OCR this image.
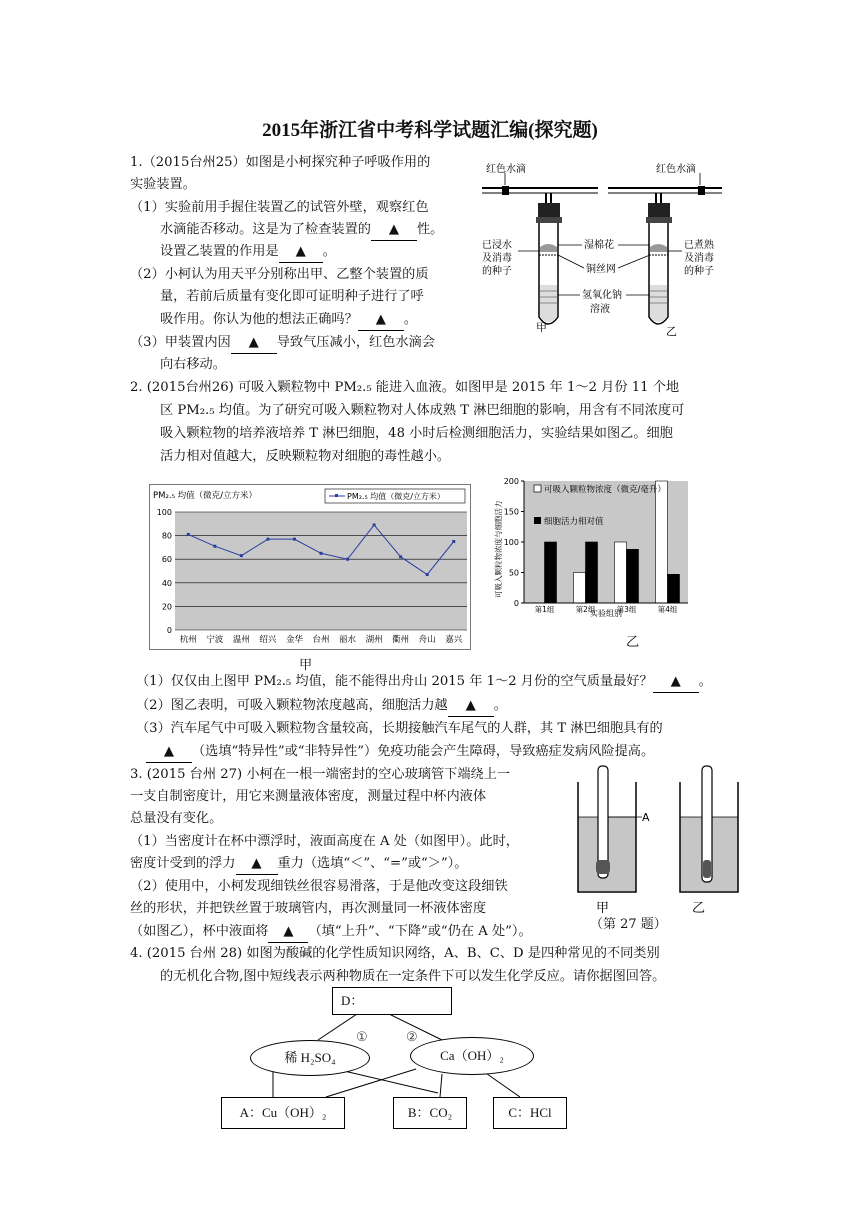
2015年浙江省中考科学试题汇编(探究题)
1.（2015台州25）如图是小柯探究种子呼吸作用的
实验装置。
（1）实验前用手握住装置乙的试管外壁，观察红色
水滴能否移动。这是为了检查装置的 ▲ 性。
设置乙装置的作用是 ▲ 。
（2）小柯认为用天平分别称出甲、乙整个装置的质
量，若前后质量有变化即可证明种子进行了呼
吸作用。你认为他的想法正确吗？ ▲ 。
（3）甲装置内因 ▲ 导致气压减小，红色水滴会
向右移动。
红色水滴
甲
红色水滴
乙
已浸水
及消毒
的种子
湿棉花
铜丝网
氢氧化钠
溶液
已煮熟
及消毒
的种子
2. (2015台州26) 可吸入颗粒物中 PM₂.₅ 能进入血液。如图甲是 2015 年 1～2 月份 11 个地
区 PM₂.₅ 均值。为了研究可吸入颗粒物对人体成熟 T 淋巴细胞的影响，用含有不同浓度可
吸入颗粒物的培养液培养 T 淋巴细胞，48 小时后检测细胞活力，实验结果如图乙。细胞
活力相对值越大，反映颗粒物对细胞的毒性越小。
0
20
40
60
80
100
杭州 宁波 温州 绍兴 金华 台州 丽水 湖州 衢州 舟山 嘉兴
PM₂.₅ 均值（微克/立方米）	PM₂.₅ 均值（微克/立方米）
甲
0
50
100
150
200
第1组	第2组	第3组	第4组
可吸入颗粒物浓度与细胞活力
实验组别
可吸入颗粒物浓度（微克/毫升）
细胞活力相对值
乙
（1）仅仅由上图甲 PM₂.₅ 均值，能不能得出舟山 2015 年 1～2 月份的空气质量最好？ ▲ 。
（2）图乙表明，可吸入颗粒物浓度越高，细胞活力越 ▲ 。
（3）汽车尾气中可吸入颗粒物含量较高，长期接触汽车尾气的人群，其 T 淋巴细胞具有的
▲ （选填“特异性”或“非特异性”）免疫功能会产生障碍，导致癌症发病风险提高。
3. (2015 台州 27) 小柯在一根一端密封的空心玻璃管下端绕上一
一支自制密度计，用它来测量液体密度，测量过程中杯内液体
总量没有变化。
（1）当密度计在杯中漂浮时，液面高度在 A 处（如图甲）。此时，
密度计受到的浮力 ▲ 重力（选填“＜”、“=”或“＞”）。
（2）使用中，小柯发现细铁丝很容易滑落，于是他改变这段细铁
丝的形状，并把铁丝置于玻璃管内，再次测量同一杯液体密度
（如图乙），杯中液面将 ▲ （填“上升”、“下降”或“仍在 A 处”）。
A
甲	乙
（第 27 题）
4. (2015 台州 28) 如图为酸碱的化学性质知识网络，A、B、C、D 是四种常见的不同类别
的无机化合物,图中短线表示两种物质在一定条件下可以发生化学反应。请你据图回答。
D：
①	②
稀 H₂SO₄	Ca（OH）₂
A：Cu（OH）₂	B：CO₂	C：HCl
